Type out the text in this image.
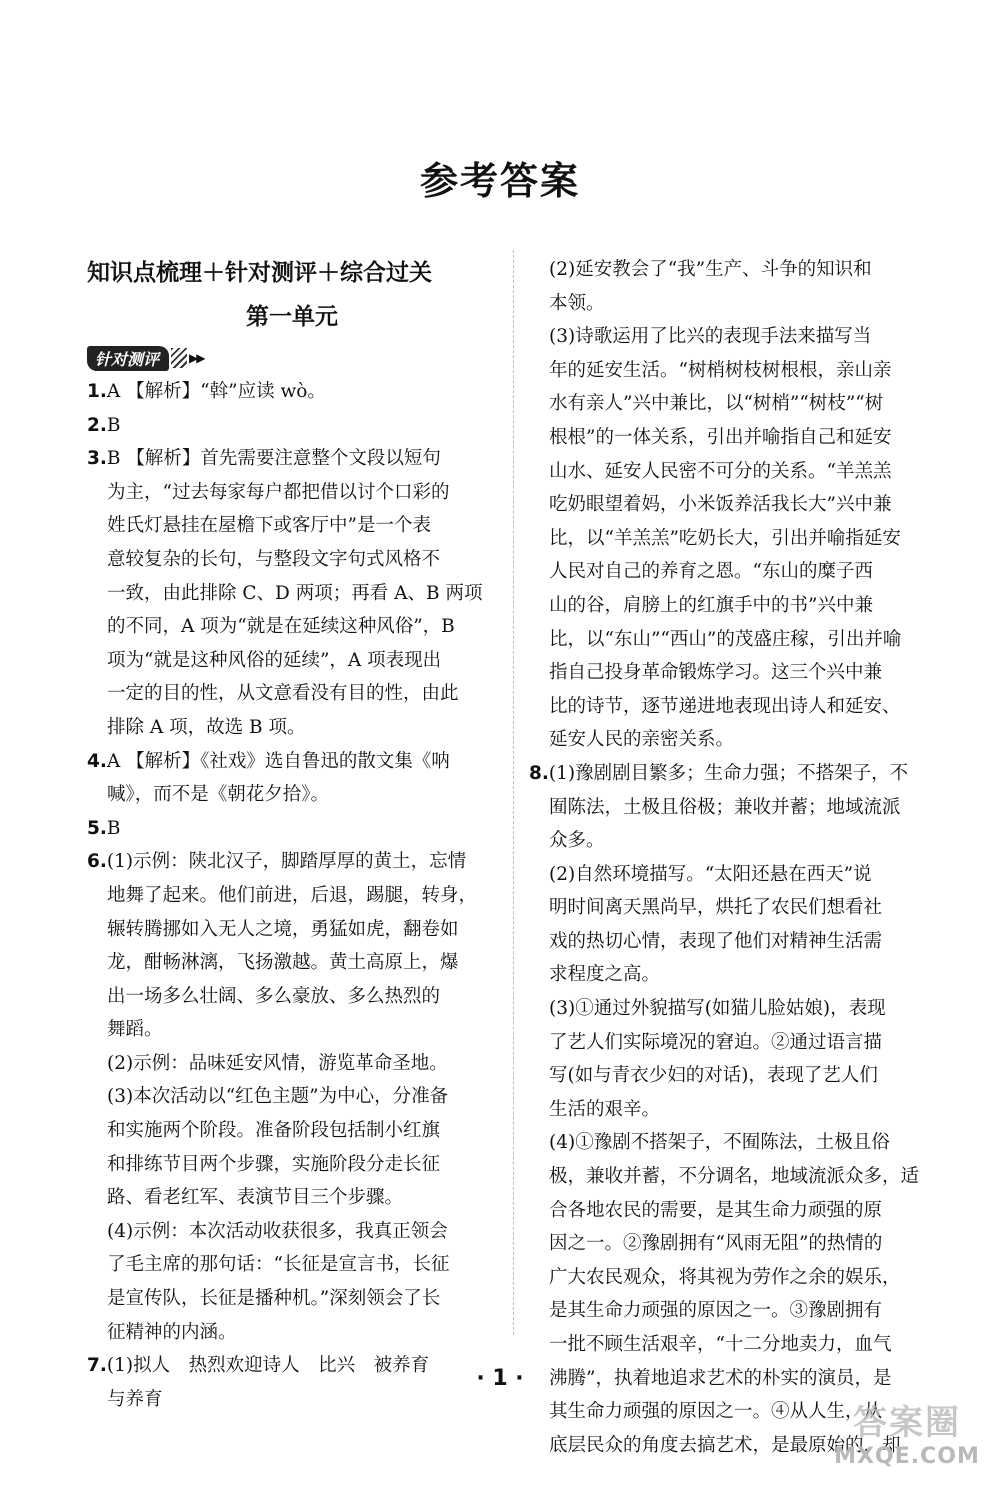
参考答案
知识点梳理＋针对测评＋综合过关
第一单元
针对测评	▶▶
1.A 【解析】“斡”应读 wò。
2.B
3.B 【解析】首先需要注意整个文段以短句
为主，“过去每家每户都把借以讨个口彩的
姓氏灯悬挂在屋檐下或客厅中”是一个表
意较复杂的长句，与整段文字句式风格不
一致，由此排除 C、D 两项；再看 A、B 两项
的不同，A 项为“就是在延续这种风俗”，B
项为“就是这种风俗的延续”，A 项表现出
一定的目的性，从文意看没有目的性，由此
排除 A 项，故选 B 项。
4.A 【解析】《社戏》选自鲁迅的散文集《呐
喊》，而不是《朝花夕拾》。
5.B
6.(1)示例：陕北汉子，脚踏厚厚的黄土，忘情
地舞了起来。他们前进，后退，踢腿，转身，
辗转腾挪如入无人之境，勇猛如虎，翻卷如
龙，酣畅淋漓，飞扬激越。黄土高原上，爆
出一场多么壮阔、多么豪放、多么热烈的
舞蹈。
(2)示例：品味延安风情，游览革命圣地。
(3)本次活动以“红色主题”为中心，分准备
和实施两个阶段。准备阶段包括制小红旗
和排练节目两个步骤，实施阶段分走长征
路、看老红军、表演节目三个步骤。
(4)示例：本次活动收获很多，我真正领会
了毛主席的那句话：“长征是宣言书，长征
是宣传队，长征是播种机。”深刻领会了长
征精神的内涵。
7.(1)拟人　热烈欢迎诗人　比兴　被养育
与养育
(2)延安教会了“我”生产、斗争的知识和
本领。
(3)诗歌运用了比兴的表现手法来描写当
年的延安生活。“树梢树枝树根根，亲山亲
水有亲人”兴中兼比，以“树梢”“树枝”“树
根根”的一体关系，引出并喻指自己和延安
山水、延安人民密不可分的关系。“羊羔羔
吃奶眼望着妈，小米饭养活我长大”兴中兼
比，以“羊羔羔”吃奶长大，引出并喻指延安
人民对自己的养育之恩。“东山的糜子西
山的谷，肩膀上的红旗手中的书”兴中兼
比，以“东山”“西山”的茂盛庄稼，引出并喻
指自己投身革命锻炼学习。这三个兴中兼
比的诗节，逐节递进地表现出诗人和延安、
延安人民的亲密关系。
8.(1)豫剧剧目繁多；生命力强；不搭架子，不
囿陈法，土极且俗极；兼收并蓄；地域流派
众多。
(2)自然环境描写。“太阳还悬在西天”说
明时间离天黑尚早，烘托了农民们想看社
戏的热切心情，表现了他们对精神生活需
求程度之高。
(3)①通过外貌描写(如猫儿脸姑娘)，表现
了艺人们实际境况的窘迫。②通过语言描
写(如与青衣少妇的对话)，表现了艺人们
生活的艰辛。
(4)①豫剧不搭架子，不囿陈法，土极且俗
极，兼收并蓄，不分调名，地域流派众多，适
合各地农民的需要，是其生命力顽强的原
因之一。②豫剧拥有“风雨无阻”的热情的
广大农民观众，将其视为劳作之余的娱乐，
是其生命力顽强的原因之一。③豫剧拥有
一批不顾生活艰辛，“十二分地卖力，血气
沸腾”，执着地追求艺术的朴实的演员，是
其生命力顽强的原因之一。④从人生，从
底层民众的角度去搞艺术，是最原始的，却
· 1 ·
答案圈
MXQE.COM
